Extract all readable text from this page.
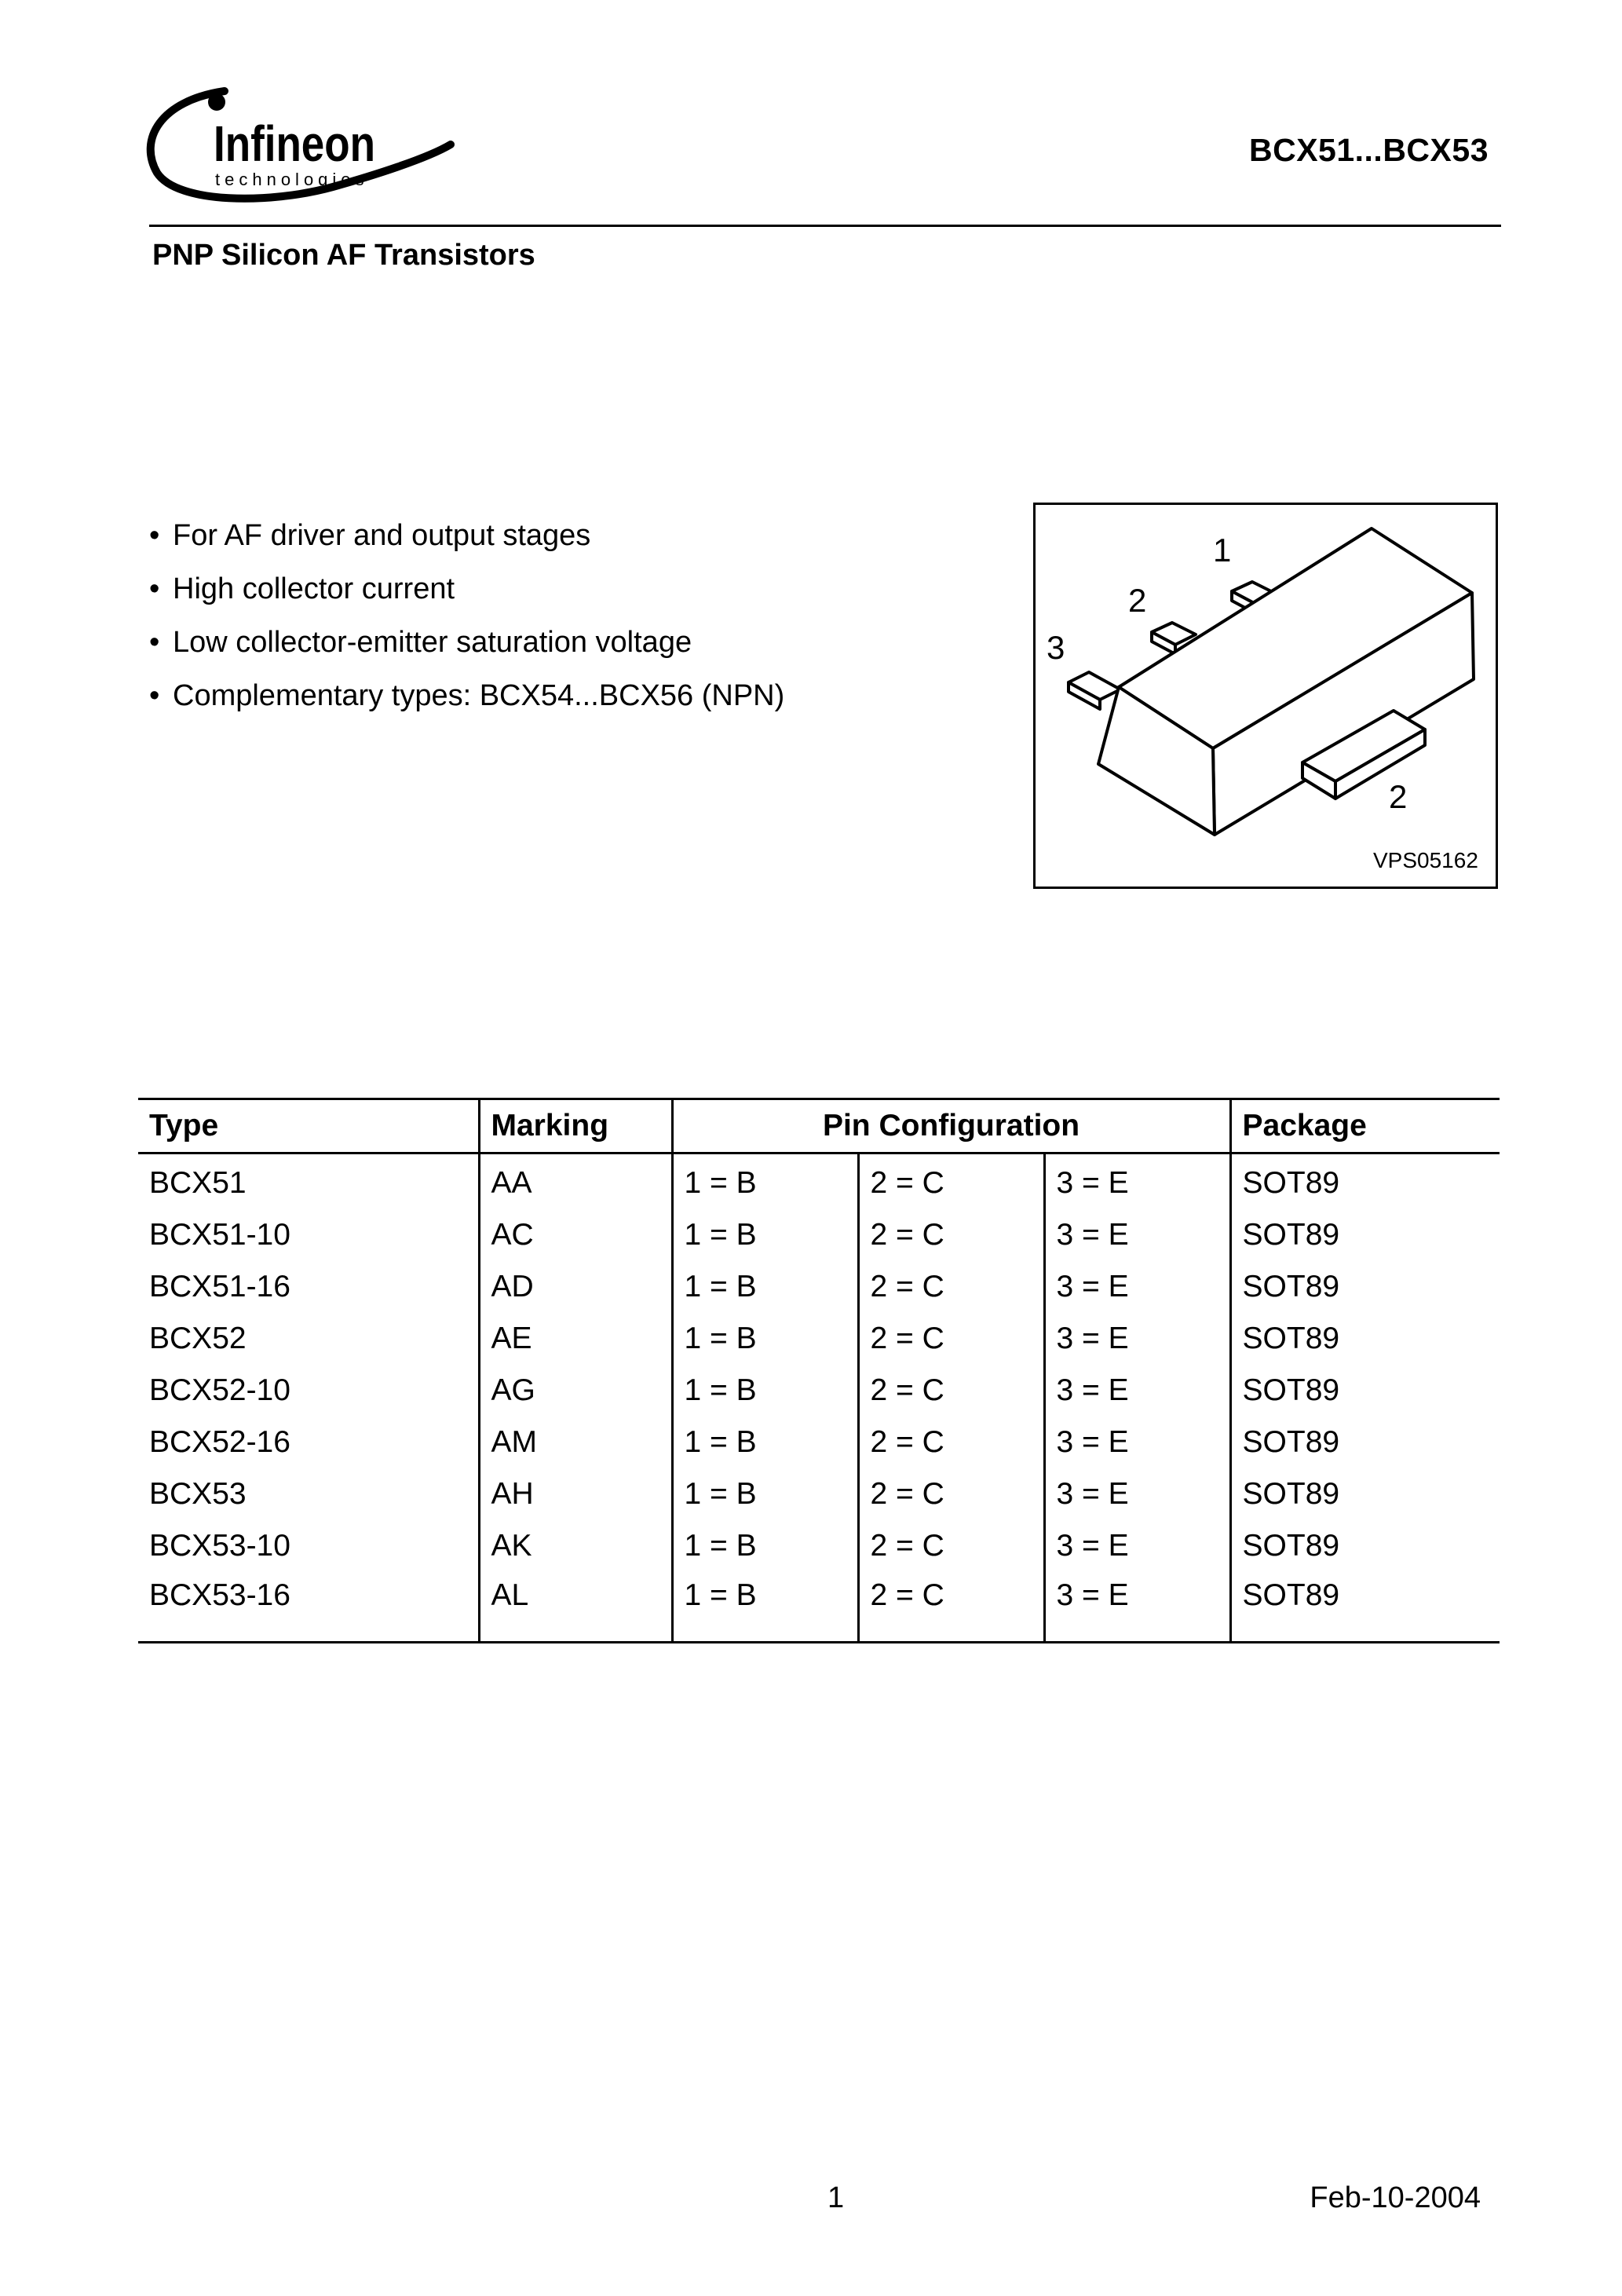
Infineon
technologies
BCX51...BCX53
PNP Silicon AF Transistors
• For AF driver and output stages
• High collector current
• Low collector-emitter saturation voltage
• Complementary types: BCX54...BCX56 (NPN)
1
2
3
2
VPS05162
Type	Marking	Pin Configuration			Package
BCX51	AA	1 = B	2 = C	3 = E	SOT89
BCX51-10	AC	1 = B	2 = C	3 = E	SOT89
BCX51-16	AD	1 = B	2 = C	3 = E	SOT89
BCX52	AE	1 = B	2 = C	3 = E	SOT89
BCX52-10	AG	1 = B	2 = C	3 = E	SOT89
BCX52-16	AM	1 = B	2 = C	3 = E	SOT89
BCX53	AH	1 = B	2 = C	3 = E	SOT89
BCX53-10	AK	1 = B	2 = C	3 = E	SOT89
BCX53-16	AL	1 = B	2 = C	3 = E	SOT89
1	Feb-10-2004
